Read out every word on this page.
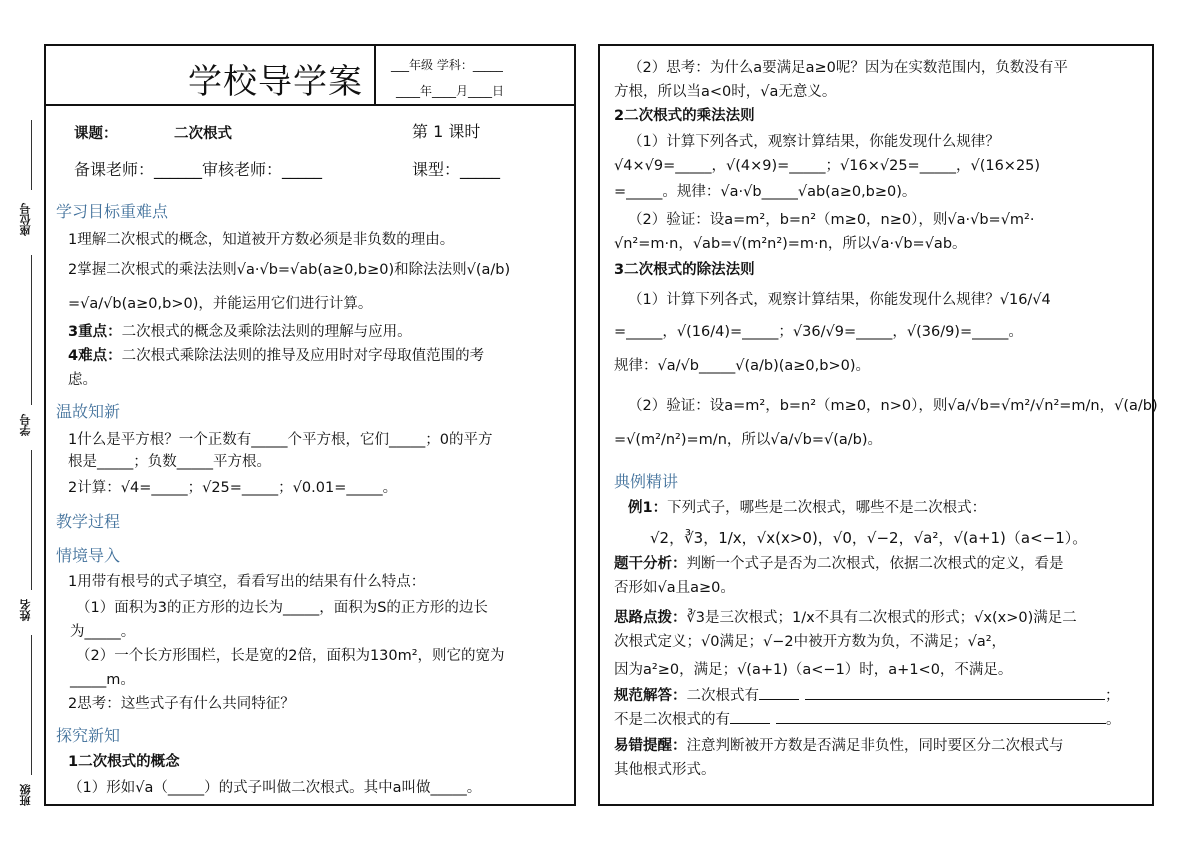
座位号
学号
姓名
班级
学校导学案 ___年级 学科：_____
____年____月____日
课题：	二次根式	第 1 课时
备课老师：______审核老师：_____	课型：_____
学习目标重难点
1理解二次根式的概念，知道被开方数必须是非负数的理由。
2掌握二次根式的乘法法则√a·√b=√ab(a≥0,b≥0)和除法法则√(a/b)
=√a/√b(a≥0,b>0)，并能运用它们进行计算。
3重点：二次根式的概念及乘除法法则的理解与应用。
4难点：二次根式乘除法法则的推导及应用时对字母取值范围的考
虑。
温故知新
1什么是平方根？一个正数有_____个平方根，它们_____；0的平方
根是_____；负数_____平方根。
2计算：√4=_____；√25=_____；√0.01=_____。
教学过程
情境导入
1用带有根号的式子填空，看看写出的结果有什么特点：
（1）面积为3的正方形的边长为_____，面积为S的正方形的边长
为_____。
（2）一个长方形围栏，长是宽的2倍，面积为130m²，则它的宽为
_____m。
2思考：这些式子有什么共同特征？
探究新知
1二次根式的概念
（1）形如√a（_____）的式子叫做二次根式。其中a叫做_____。
（2）思考：为什么a要满足a≥0呢？因为在实数范围内，负数没有平
方根，所以当a<0时，√a无意义。
2二次根式的乘法法则
（1）计算下列各式，观察计算结果，你能发现什么规律？
√4×√9=_____，√(4×9)=_____；√16×√25=_____，√(16×25)
=_____。规律：√a·√b_____√ab(a≥0,b≥0)。
（2）验证：设a=m²，b=n²（m≥0，n≥0），则√a·√b=√m²·
√n²=m·n，√ab=√(m²n²)=m·n，所以√a·√b=√ab。
3二次根式的除法法则
（1）计算下列各式，观察计算结果，你能发现什么规律？√16/√4
=_____，√(16/4)=_____；√36/√9=_____，√(36/9)=_____。
规律：√a/√b_____√(a/b)(a≥0,b>0)。
（2）验证：设a=m²，b=n²（m≥0，n>0），则√a/√b=√m²/√n²=m/n，√(a/b)
=√(m²/n²)=m/n，所以√a/√b=√(a/b)。
典例精讲
例1：下列式子，哪些是二次根式，哪些不是二次根式：
√2，∛3，1/x，√x(x>0)，√0，√−2，√a²，√(a+1)（a<−1）。
题干分析：判断一个式子是否为二次根式，依据二次根式的定义，看是
否形如√a且a≥0。
思路点拨：∛3是三次根式；1/x不具有二次根式的形式；√x(x>0)满足二
次根式定义；√0满足；√−2中被开方数为负，不满足；√a²，
因为a²≥0，满足；√(a+1)（a<−1）时，a+1<0，不满足。
规范解答：二次根式有	；
不是二次根式的有	。
易错提醒：注意判断被开方数是否满足非负性，同时要区分二次根式与
其他根式形式。
